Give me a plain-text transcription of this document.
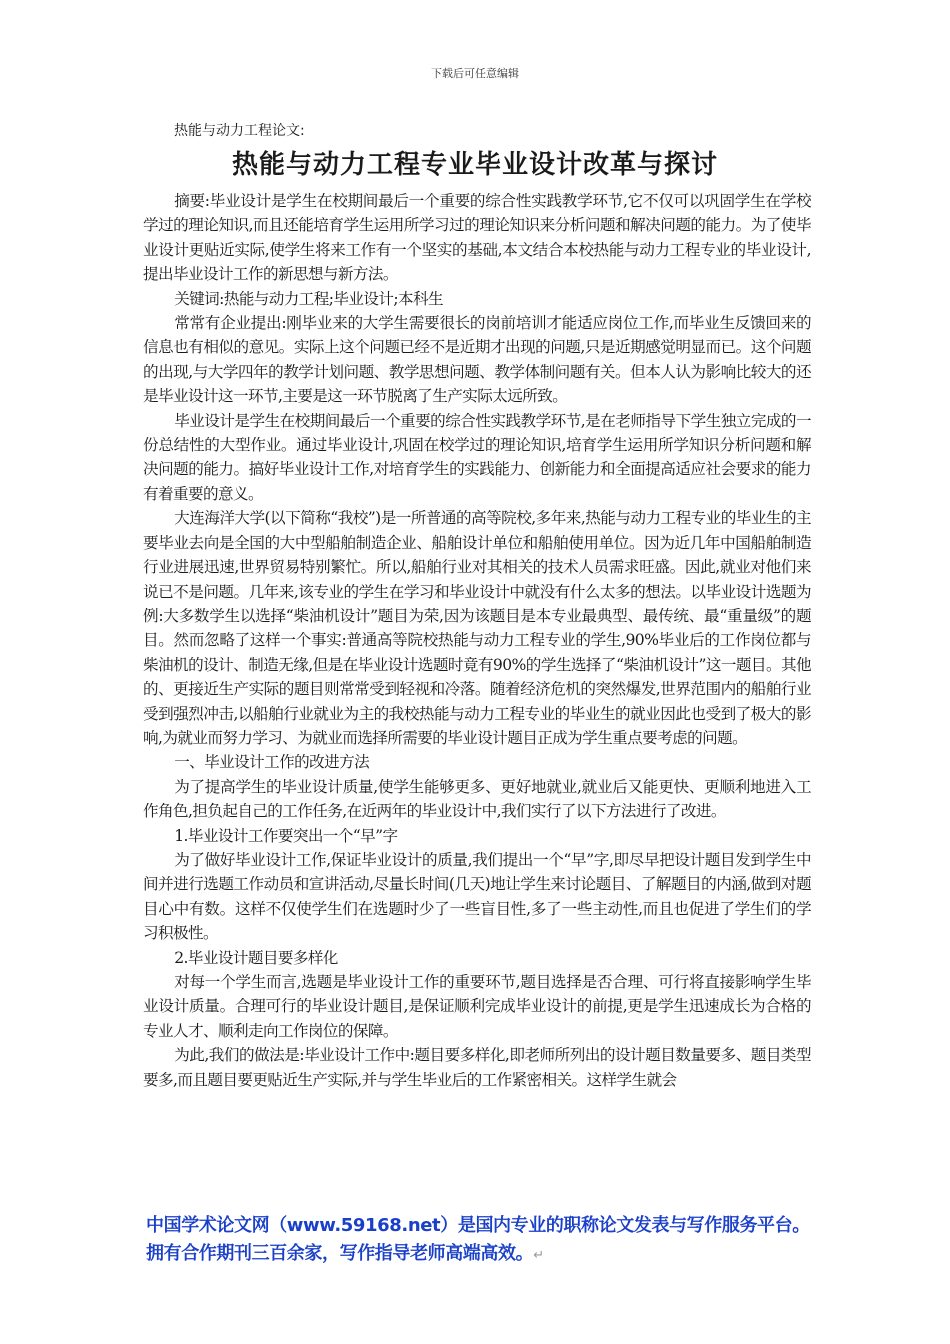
下载后可任意编辑
热能与动力工程论文:
热能与动力工程专业毕业设计改革与探讨

摘要:毕业设计是学生在校期间最后一个重要的综合性实践教学环节,它不仅可以巩固学生在学校学过的理论知识,而且还能培育学生运用所学习过的理论知识来分析问题和解决问题的能力。为了使毕业设计更贴近实际,使学生将来工作有一个坚实的基础,本文结合本校热能与动力工程专业的毕业设计,提出毕业设计工作的新思想与新方法。

关键词:热能与动力工程;毕业设计;本科生

常常有企业提出:刚毕业来的大学生需要很长的岗前培训才能适应岗位工作,而毕业生反馈回来的信息也有相似的意见。实际上这个问题已经不是近期才出现的问题,只是近期感觉明显而已。这个问题的出现,与大学四年的教学计划问题、教学思想问题、教学体制问题有关。但本人认为影响比较大的还是毕业设计这一环节,主要是这一环节脱离了生产实际太远所致。

毕业设计是学生在校期间最后一个重要的综合性实践教学环节,是在老师指导下学生独立完成的一份总结性的大型作业。通过毕业设计,巩固在校学过的理论知识,培育学生运用所学知识分析问题和解决问题的能力。搞好毕业设计工作,对培育学生的实践能力、创新能力和全面提高适应社会要求的能力有着重要的意义。

大连海洋大学(以下简称“我校”)是一所普通的高等院校,多年来,热能与动力工程专业的毕业生的主要毕业去向是全国的大中型船舶制造企业、船舶设计单位和船舶使用单位。因为近几年中国船舶制造行业进展迅速,世界贸易特别繁忙。所以,船舶行业对其相关的技术人员需求旺盛。因此,就业对他们来说已不是问题。几年来,该专业的学生在学习和毕业设计中就没有什么太多的想法。以毕业设计选题为例:大多数学生以选择“柴油机设计”题目为荣,因为该题目是本专业最典型、最传统、最“重量级”的题目。然而忽略了这样一个事实:普通高等院校热能与动力工程专业的学生,90%毕业后的工作岗位都与柴油机的设计、制造无缘,但是在毕业设计选题时竟有90%的学生选择了“柴油机设计”这一题目。其他的、更接近生产实际的题目则常常受到轻视和冷落。随着经济危机的突然爆发,世界范围内的船舶行业受到强烈冲击,以船舶行业就业为主的我校热能与动力工程专业的毕业生的就业因此也受到了极大的影响,为就业而努力学习、为就业而选择所需要的毕业设计题目正成为学生重点要考虑的问题。

一、毕业设计工作的改进方法

为了提高学生的毕业设计质量,使学生能够更多、更好地就业,就业后又能更快、更顺利地进入工作角色,担负起自己的工作任务,在近两年的毕业设计中,我们实行了以下方法进行了改进。

1.毕业设计工作要突出一个“早”字

为了做好毕业设计工作,保证毕业设计的质量,我们提出一个“早”字,即尽早把设计题目发到学生中间并进行选题工作动员和宣讲活动,尽量长时间(几天)地让学生来讨论题目、了解题目的内涵,做到对题目心中有数。这样不仅使学生们在选题时少了一些盲目性,多了一些主动性,而且也促进了学生们的学习积极性。

2.毕业设计题目要多样化

对每一个学生而言,选题是毕业设计工作的重要环节,题目选择是否合理、可行将直接影响学生毕业设计质量。合理可行的毕业设计题目,是保证顺利完成毕业设计的前提,更是学生迅速成长为合格的专业人才、顺利走向工作岗位的保障。

为此,我们的做法是:毕业设计工作中:题目要多样化,即老师所列出的设计题目数量要多、题目类型要多,而且题目要更贴近生产实际,并与学生毕业后的工作紧密相关。这样学生就会

中国学术论文网（www.59168.net）是国内专业的职称论文发表与写作服务平台。拥有合作期刊三百余家，写作指导老师高端高效。↵
